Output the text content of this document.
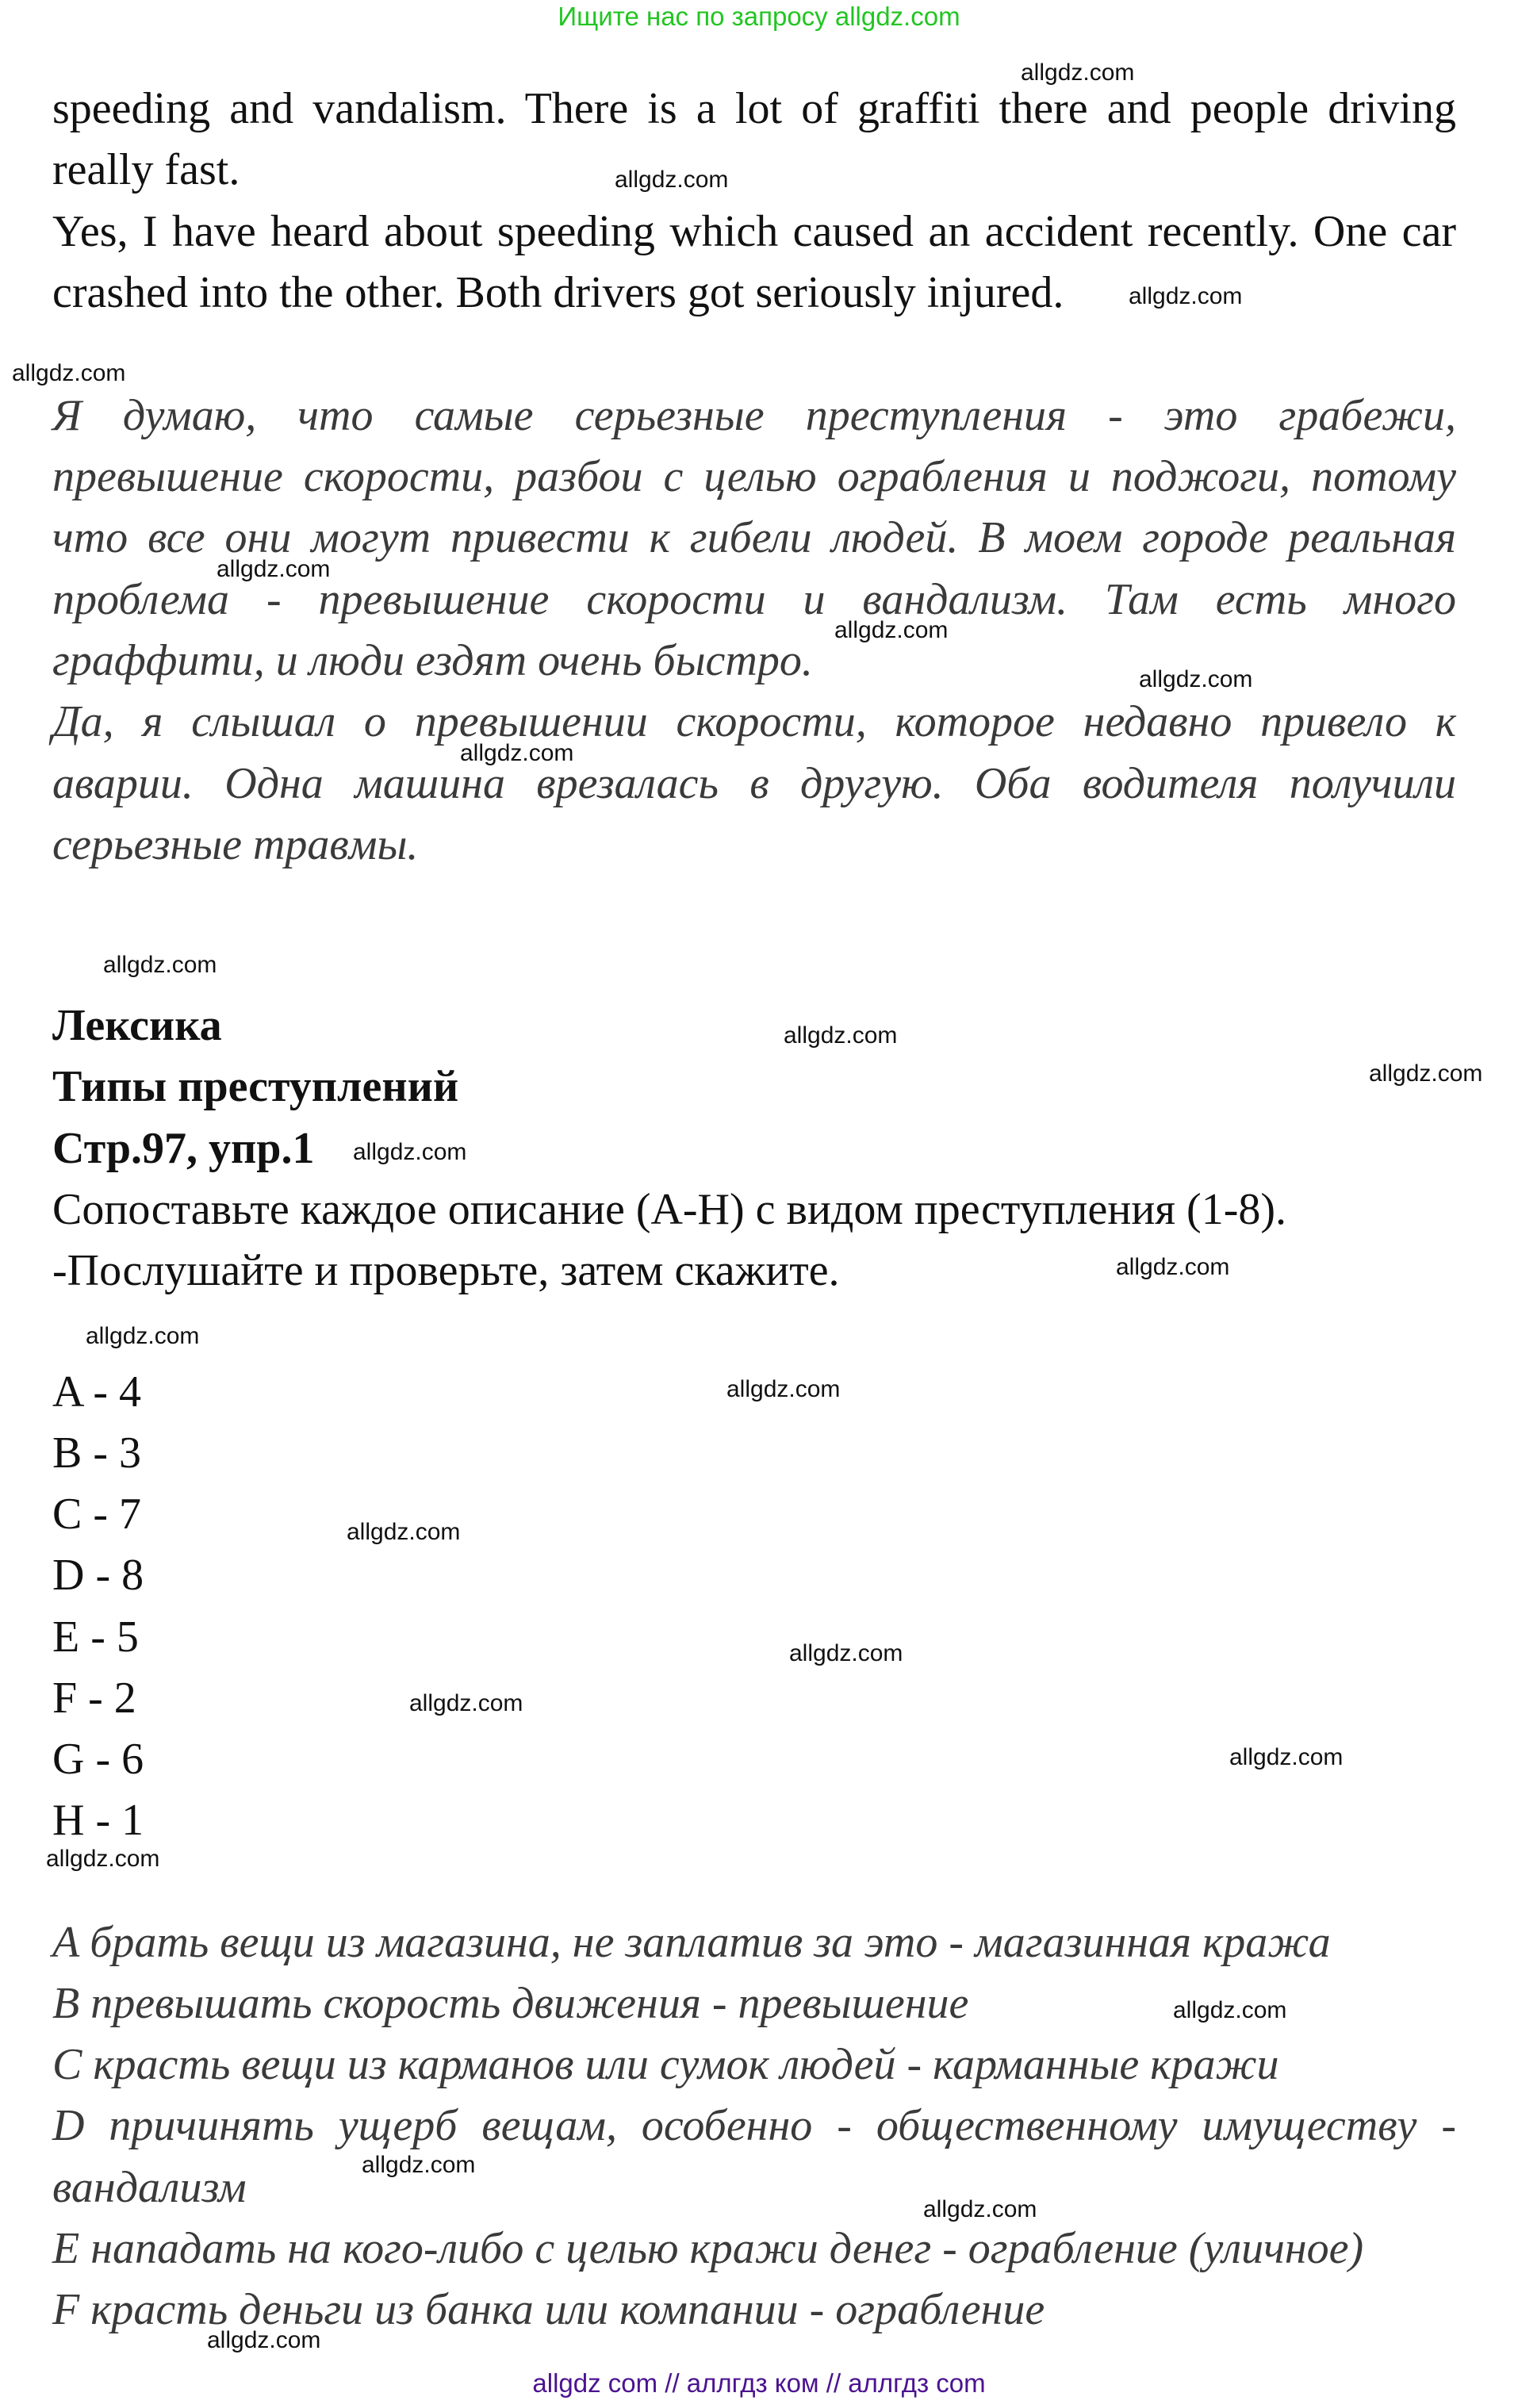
Ищите нас по запросу allgdz.com
speeding and vandalism. There is a lot of graffiti there and people driving
really fast.
Yes, I have heard about speeding which caused an accident recently. One car
crashed into the other. Both drivers got seriously injured.
Я думаю, что самые серьезные преступления - это грабежи,
превышение скорости, разбои с целью ограбления и поджоги, потому
что все они могут привести к гибели людей. В моем городе реальная
проблема - превышение скорости и вандализм. Там есть много
граффити, и люди ездят очень быстро.
Да, я слышал о превышении скорости, которое недавно привело к
аварии. Одна машина врезалась в другую. Оба водителя получили
серьезные травмы.
Лексика
Типы преступлений
Стр.97, упр.1
Сопоставьте каждое описание (A-H) с видом преступления (1-8).
-Послушайте и проверьте, затем скажите.
A - 4
B - 3
C - 7
D - 8
E - 5
F - 2
G - 6
H - 1
A брать вещи из магазина, не заплатив за это - магазинная кража
B превышать скорость движения - превышение
C красть вещи из карманов или сумок людей - карманные кражи
D причинять ущерб вещам, особенно - общественному имуществу -
вандализм
E нападать на кого-либо с целью кражи денег - ограбление (уличное)
F красть деньги из банка или компании - ограбление
allgdz.com
allgdz.com
allgdz.com
allgdz.com
allgdz.com
allgdz.com
allgdz.com
allgdz.com
allgdz.com
allgdz.com
allgdz.com
allgdz.com
allgdz.com
allgdz.com
allgdz.com
allgdz.com
allgdz.com
allgdz.com
allgdz.com
allgdz.com
allgdz.com
allgdz.com
allgdz.com
allgdz.com
allgdz com // аллгдз ком // аллгдз com
